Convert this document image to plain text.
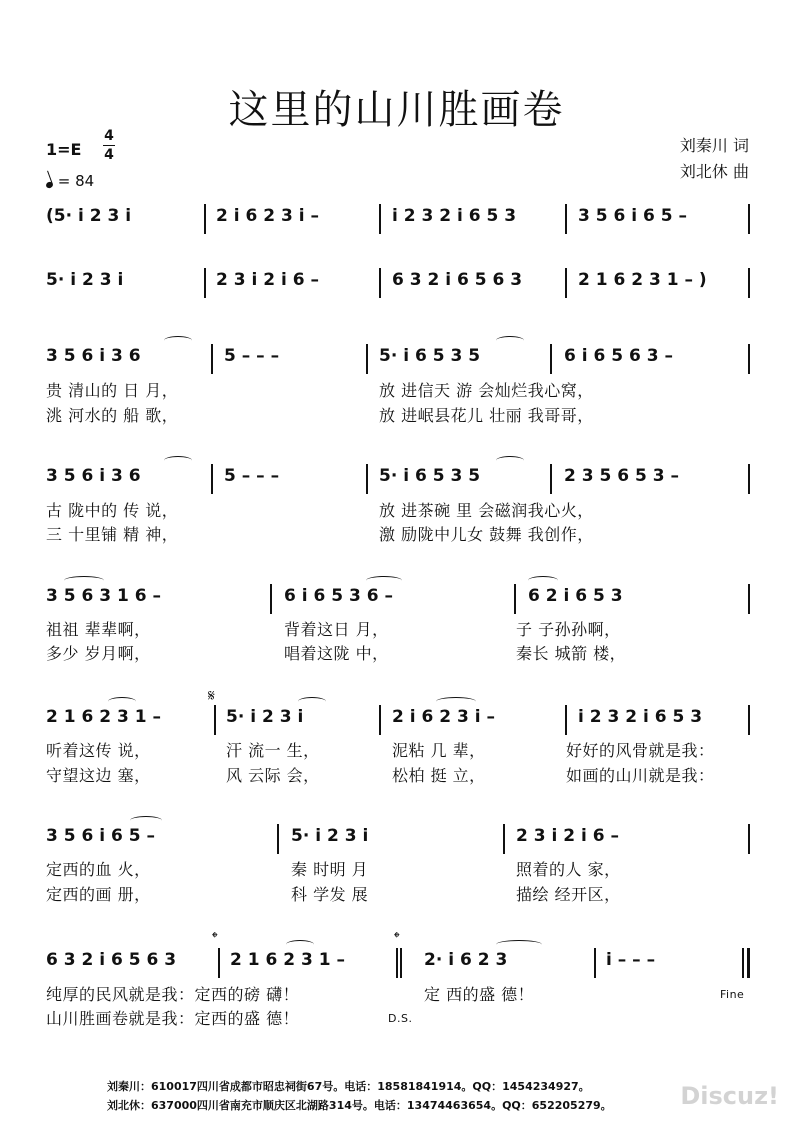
这里的山川胜画卷
1=E
4
4
= 84
刘秦川 词
刘北休 曲
(5· i 2 3 i	2 i 6 2 3 i –	i 2 3 2 i 6 5 3	3 5 6 i 6 5 –
5· i 2 3 i	2 3 i 2 i 6 –	6 3 2 i 6 5 6 3	2 1 6 2 3 1 – )
3 5 6 i 3 6	5 – – –	5· i 6 5 3 5	6 i 6 5 6 3 –
贵 清山的 日 月，	放 进信天 游 会灿烂我心窝，
洮 河水的 船 歌，	放 进岷县花儿 壮丽 我哥哥，
3 5 6 i 3 6	5 – – –	5· i 6 5 3 5	2 3 5 6 5 3 –
古 陇中的 传 说，	放 进茶碗 里 会磁润我心火，
三 十里铺 精 神，	激 励陇中儿女 鼓舞 我创作，
3 5 6 3 1 6 –	6 i 6 5 3 6 –	6 2 i 6 5 3
祖祖 辈辈啊，	背着这日 月，	子 子孙孙啊，
多少 岁月啊，	唱着这陇 中，	秦长 城箭 楼，
𝄋
2 1 6 2 3 1 –	5· i 2 3 i	2 i 6 2 3 i –	i 2 3 2 i 6 5 3
听着这传 说，	汗 流一 生，	泥粘 几 辈，	好好的风骨就是我：
守望这边 塞，	风 云际 会，	松柏 挺 立，	如画的山川就是我：
3 5 6 i 6 5 –	5· i 2 3 i	2 3 i 2 i 6 –
定西的血 火，	秦 时明 月	照着的人 家，
定西的画 册，	科 学发 展	描绘 经开区，
𝄌	𝄌
6 3 2 i 6 5 6 3	2 1 6 2 3 1 –	2· i 6 2 3	i – – –
纯厚的民风就是我：定西的磅 礴！	定 西的盛 德！	Fine
山川胜画卷就是我：定西的盛 德！	D.S.
刘秦川：610017四川省成都市昭忠祠街67号。电话：18581841914。QQ：1454234927。
刘北休：637000四川省南充市顺庆区北湖路314号。电话：13474463654。QQ：652205279。	Discuz!
